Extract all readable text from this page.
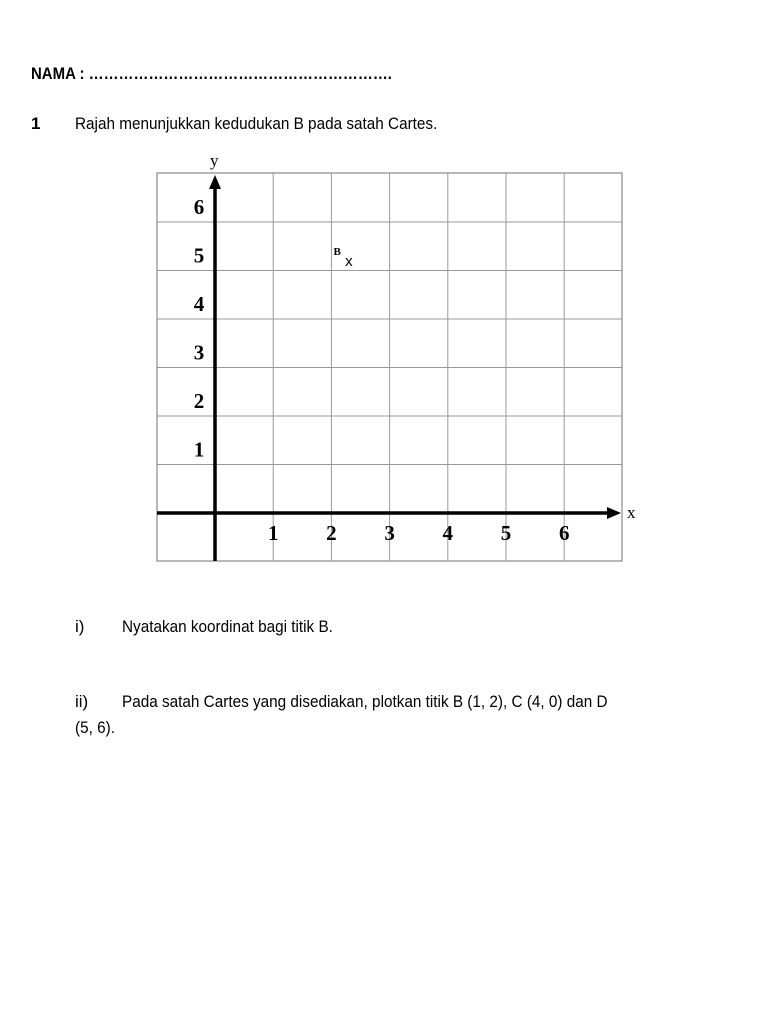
NAMA : …………………………………………………….
1 Rajah menunjukkan kedudukan B pada satah Cartes.
x
y
1 2 3 4 5 6
1
2
3
4
5
6
B
x
i) Nyatakan koordinat bagi titik B.
ii) Pada satah Cartes yang disediakan, plotkan titik B (1, 2), C (4, 0) dan D
(5, 6).
